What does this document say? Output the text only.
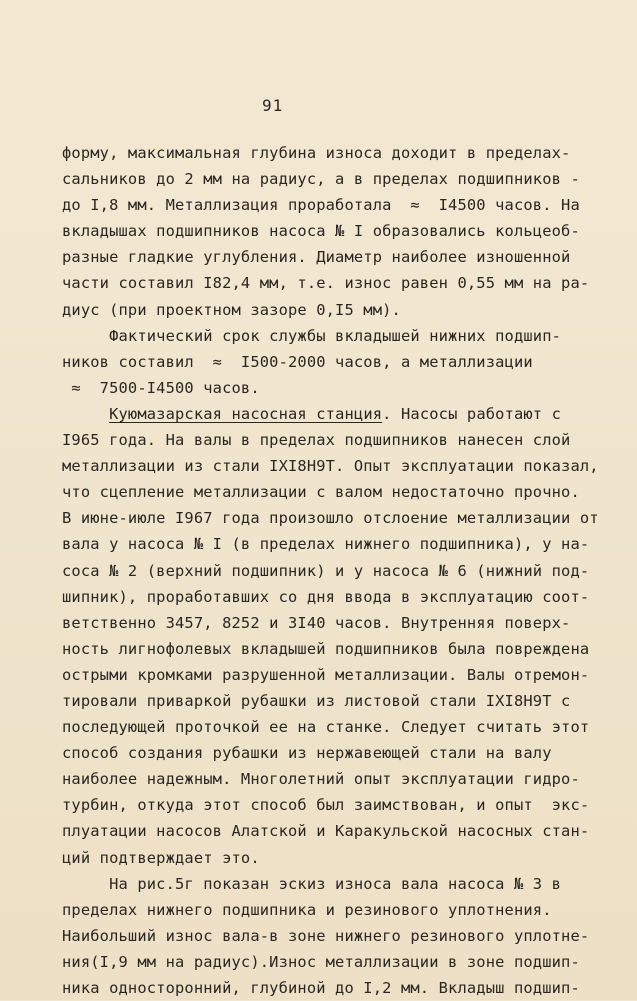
91
форму, максимальная глубина износа доходит в пределах-
сальников до 2 мм на радиус, а в пределах подшипников -
до I,8 мм. Металлизация проработала  ≈  I4500 часов. На
вкладышах подшипников насоса № I образовались кольцеоб-
разные гладкие углубления. Диаметр наиболее изношенной
части составил I82,4 мм, т.е. износ равен 0,55 мм на ра-
диус (при проектном зазоре 0,I5 мм).
Фактический срок службы вкладышей нижних подшип-
ников составил  ≈  I500-2000 часов, а металлизации
≈  7500-I4500 часов.
Куюмазарская насосная станция. Насосы работают с
I965 года. На валы в пределах подшипников нанесен слой
металлизации из стали IXI8H9T. Опыт эксплуатации показал,
что сцепление металлизации с валом недостаточно прочно.
В июне-июле I967 года произошло отслоение металлизации от
вала у насоса № I (в пределах нижнего подшипника), у на-
соса № 2 (верхний подшипник) и у насоса № 6 (нижний под-
шипник), проработавших со дня ввода в эксплуатацию соот-
ветственно 3457, 8252 и 3I40 часов. Внутренняя поверх-
ность лигнофолевых вкладышей подшипников была повреждена
острыми кромками разрушенной металлизации. Валы отремон-
тировали приваркой рубашки из листовой стали IXI8H9T с
последующей проточкой ее на станке. Следует считать этот
способ создания рубашки из нержавеющей стали на валу
наиболее надежным. Многолетний опыт эксплуатации гидро-
турбин, откуда этот способ был заимствован, и опыт  экс-
плуатации насосов Алатской и Каракульской насосных стан-
ций подтверждает это.
На рис.5г показан эскиз износа вала насоса № 3 в
пределах нижнего подшипника и резинового уплотнения.
Наибольший износ вала-в зоне нижнего резинового уплотне-
ния(I,9 мм на радиус).Износ металлизации в зоне подшип-
ника односторонний, глубиной до I,2 мм. Вкладыш подшип-
